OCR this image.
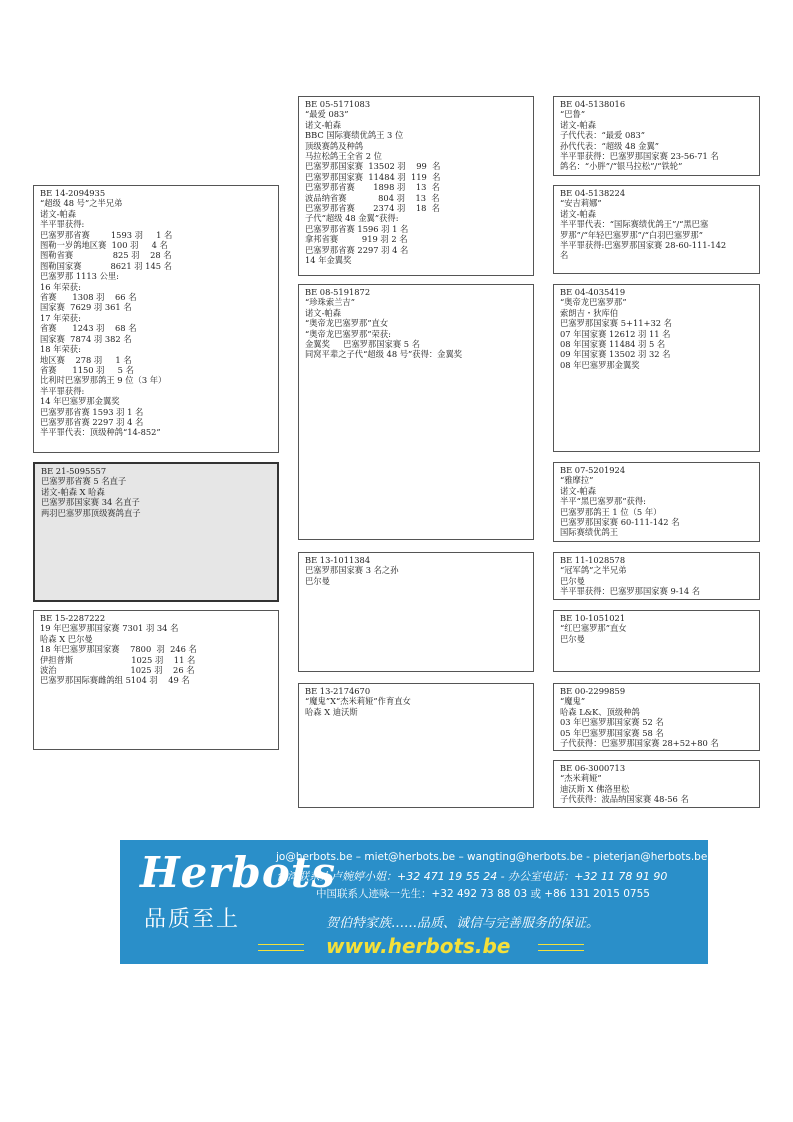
BE 21-5095557
巴塞罗那省赛 5 名直子
诺文-帕森 X 哈森
巴塞罗那国家赛 34 名直子
两羽巴塞罗那顶级赛鸽直子
BE 14-2094935
“超级 48 号”之半兄弟
诺文-帕森
半平罪获得:
巴塞罗那省赛        1593 羽     1 名
图勒一岁鸽地区赛  100 羽     4 名
图勒省赛               825 羽    28 名
图勒国家赛           8621 羽 145 名
巴塞罗那 1113 公里:
16 年荣获:
省赛      1308 羽    66 名
国家赛  7629 羽 361 名
17 年荣获:
省赛      1243 羽    68 名
国家赛  7874 羽 382 名
18 年荣获:
地区赛    278 羽     1 名
省赛      1150 羽     5 名
比利时巴塞罗那鸽王 9 位（3 年）
半平罪获得:
14 年巴塞罗那金翼奖
巴塞罗那省赛 1593 羽 1 名
巴塞罗那省赛 2297 羽 4 名
半平罪代表：顶级种鸽“14-852”
BE 15-2287222
19 年巴塞罗那国家赛 7301 羽 34 名
哈森 X 巴尔曼
18 年巴塞罗那国家赛    7800  羽  246 名
伊担普斯                      1025 羽    11 名
波治                            1025 羽    26 名
巴塞罗那国际赛雌鸽组 5104 羽    49 名
BE 05-5171083
“最爱 083”
诺文-帕森
BBC 国际赛绩优鸽王 3 位
顶级赛鸽及种鸽
马拉松鸽王全省 2 位
巴塞罗那国家赛  13502 羽    99  名
巴塞罗那国家赛  11484 羽  119  名
巴塞罗那省赛       1898 羽    13  名
波品纳省赛            804 羽    13  名
巴塞罗那省赛       2374 羽    18  名
子代“超级 48 金翼”获得:
巴塞罗那省赛 1596 羽 1 名
拿邦省赛         919 羽 2 名
巴塞罗那省赛 2297 羽 4 名
14 年金翼奖
BE 08-5191872
“珍珠索兰吉”
诺文-帕森
“奥帝龙巴塞罗那”直女
“奥帝龙巴塞罗那”荣获:
金翼奖     巴塞罗那国家赛 5 名
同窝平辈之子代“超级 48 号”获得：金翼奖
BE 13-1011384
巴塞罗那国家赛 3 名之孙
巴尔曼
BE 13-2174670
“魔鬼”X“杰米莉娅”作育直女
哈森 X 迪沃斯
BE 04-5138016
“巴鲁”
诺文-帕森
子代代表：“最爱 083”
孙代代表：“超级 48 金翼”
半平罪获得：巴塞罗那国家赛 23-56-71 名
鸽名：“小胖”/“银马拉松”/“铁轮”
BE 04-5138224
“安吉莉娜”
诺文-帕森
半平罪代表：“国际赛绩优鸽王”/“黑巴塞
罗那”/“年轻巴塞罗那”/“白羽巴塞罗那”
半平罪获得:巴塞罗那国家赛 28-60-111-142
名
BE 04-4035419
“奥帝龙巴塞罗那”
索朗吉・狄库伯
巴塞罗那国家赛 5+11+32 名
07 年国家赛 12612 羽 11 名
08 年国家赛 11484 羽 5 名
09 年国家赛 13502 羽 32 名
08 年巴塞罗那金翼奖
BE 07-5201924
“雅摩拉”
诺文-帕森
半平“黑巴塞罗那”获得:
巴塞罗那鸽王 1 位（5 年）
巴塞罗那国家赛 60-111-142 名
国际赛绩优鸽王
BE 11-1028578
“冠军鸽”之半兄弟
巴尔曼
半平罪获得：巴塞罗那国家赛 9-14 名
BE 10-1051021
“红巴塞罗那”直女
巴尔曼
BE 00-2299859
“魔鬼”
哈森 L&K、顶级种鸽
03 年巴塞罗那国家赛 52 名
05 年巴塞罗那国家赛 58 名
子代获得：巴塞罗那国家赛 28+52+80 名
BE 06-3000713
“杰米莉娅”
迪沃斯 X 佛洛里松
子代获得：波品纳国家赛 48-56 名
Herbots
品质至上
jo@herbots.be – miet@herbots.be – wangting@herbots.be - pieterjan@herbots.be
台湾联系人卢婉婷小姐：+32 471 19 55 24 - 办公室电话：+32 11 78 91 90
中国联系人迹咏一先生：+32 492 73 88 03 或 +86 131 2015 0755
贺伯特家族……品质、诚信与完善服务的保证。
www.herbots.be
